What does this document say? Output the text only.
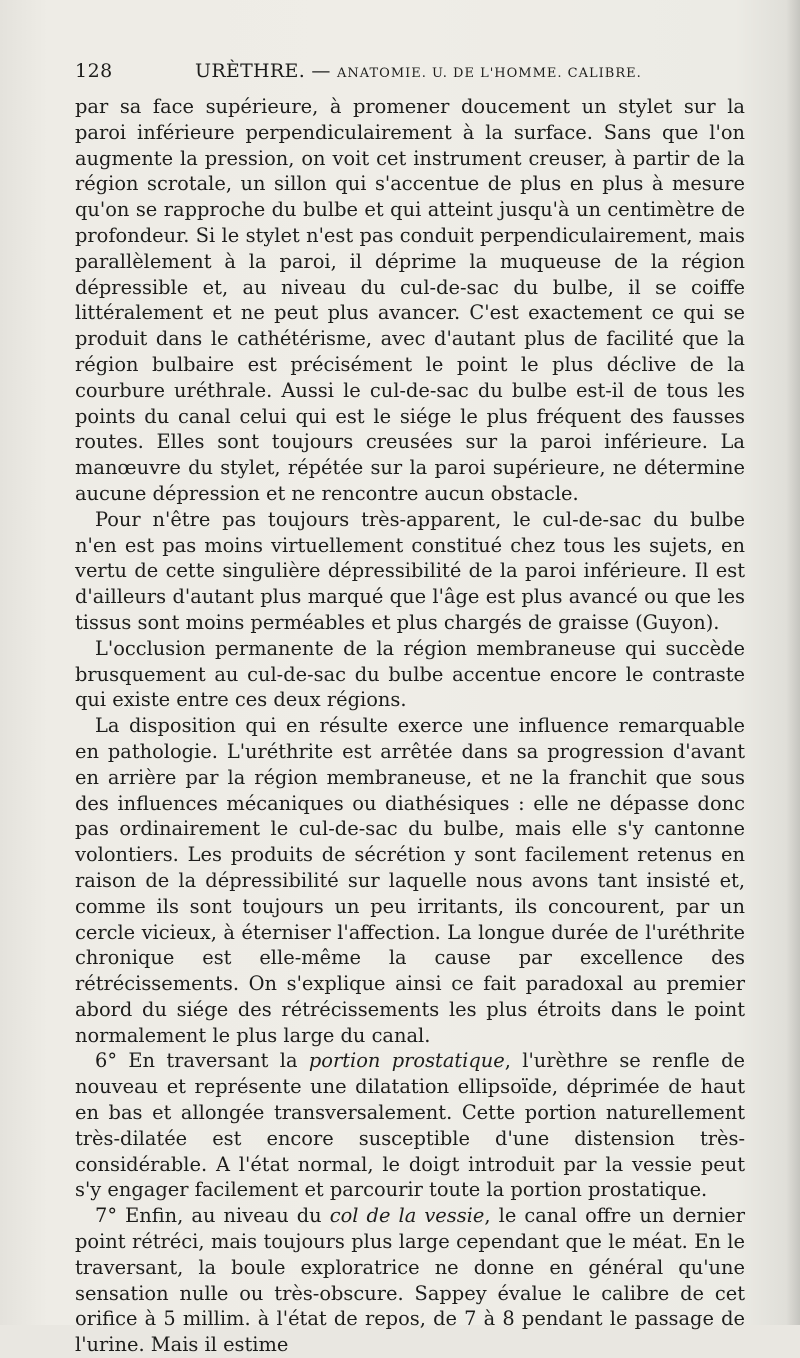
128	URÈTHRE. — ANATOMIE. U. DE L'HOMME. CALIBRE.

par sa face supérieure, à promener doucement un stylet sur la paroi inférieure perpendiculairement à la surface. Sans que l'on augmente la pression, on voit cet instrument creuser, à partir de la région scrotale, un sillon qui s'accentue de plus en plus à mesure qu'on se rapproche du bulbe et qui atteint jusqu'à un centimètre de profondeur. Si le stylet n'est pas conduit perpendiculairement, mais parallèlement à la paroi, il déprime la muqueuse de la région dépressible et, au niveau du cul-de-sac du bulbe, il se coiffe littéralement et ne peut plus avancer. C'est exactement ce qui se produit dans le cathétérisme, avec d'autant plus de facilité que la région bulbaire est précisément le point le plus déclive de la courbure uréthrale. Aussi le cul-de-sac du bulbe est-il de tous les points du canal celui qui est le siége le plus fréquent des fausses routes. Elles sont toujours creusées sur la paroi inférieure. La manœuvre du stylet, répétée sur la paroi supérieure, ne détermine aucune dépression et ne rencontre aucun obstacle.

Pour n'être pas toujours très-apparent, le cul-de-sac du bulbe n'en est pas moins virtuellement constitué chez tous les sujets, en vertu de cette singulière dépressibilité de la paroi inférieure. Il est d'ailleurs d'autant plus marqué que l'âge est plus avancé ou que les tissus sont moins perméables et plus chargés de graisse (Guyon).

L'occlusion permanente de la région membraneuse qui succède brusquement au cul-de-sac du bulbe accentue encore le contraste qui existe entre ces deux régions.

La disposition qui en résulte exerce une influence remarquable en pathologie. L'uréthrite est arrêtée dans sa progression d'avant en arrière par la région membraneuse, et ne la franchit que sous des influences mécaniques ou diathésiques : elle ne dépasse donc pas ordinairement le cul-de-sac du bulbe, mais elle s'y cantonne volontiers. Les produits de sécrétion y sont facilement retenus en raison de la dépressibilité sur laquelle nous avons tant insisté et, comme ils sont toujours un peu irritants, ils concourent, par un cercle vicieux, à éterniser l'affection. La longue durée de l'uréthrite chronique est elle-même la cause par excellence des rétrécissements. On s'explique ainsi ce fait paradoxal au premier abord du siége des rétrécissements les plus étroits dans le point normalement le plus large du canal.

6° En traversant la portion prostatique, l'urèthre se renfle de nouveau et représente une dilatation ellipsoïde, déprimée de haut en bas et allongée transversalement. Cette portion naturellement très-dilatée est encore susceptible d'une distension très-considérable. A l'état normal, le doigt introduit par la vessie peut s'y engager facilement et parcourir toute la portion prostatique.

7° Enfin, au niveau du col de la vessie, le canal offre un dernier point rétréci, mais toujours plus large cependant que le méat. En le traversant, la boule exploratrice ne donne en général qu'une sensation nulle ou très-obscure. Sappey évalue le calibre de cet orifice à 5 millim. à l'état de repos, de 7 à 8 pendant le passage de l'urine. Mais il estime
